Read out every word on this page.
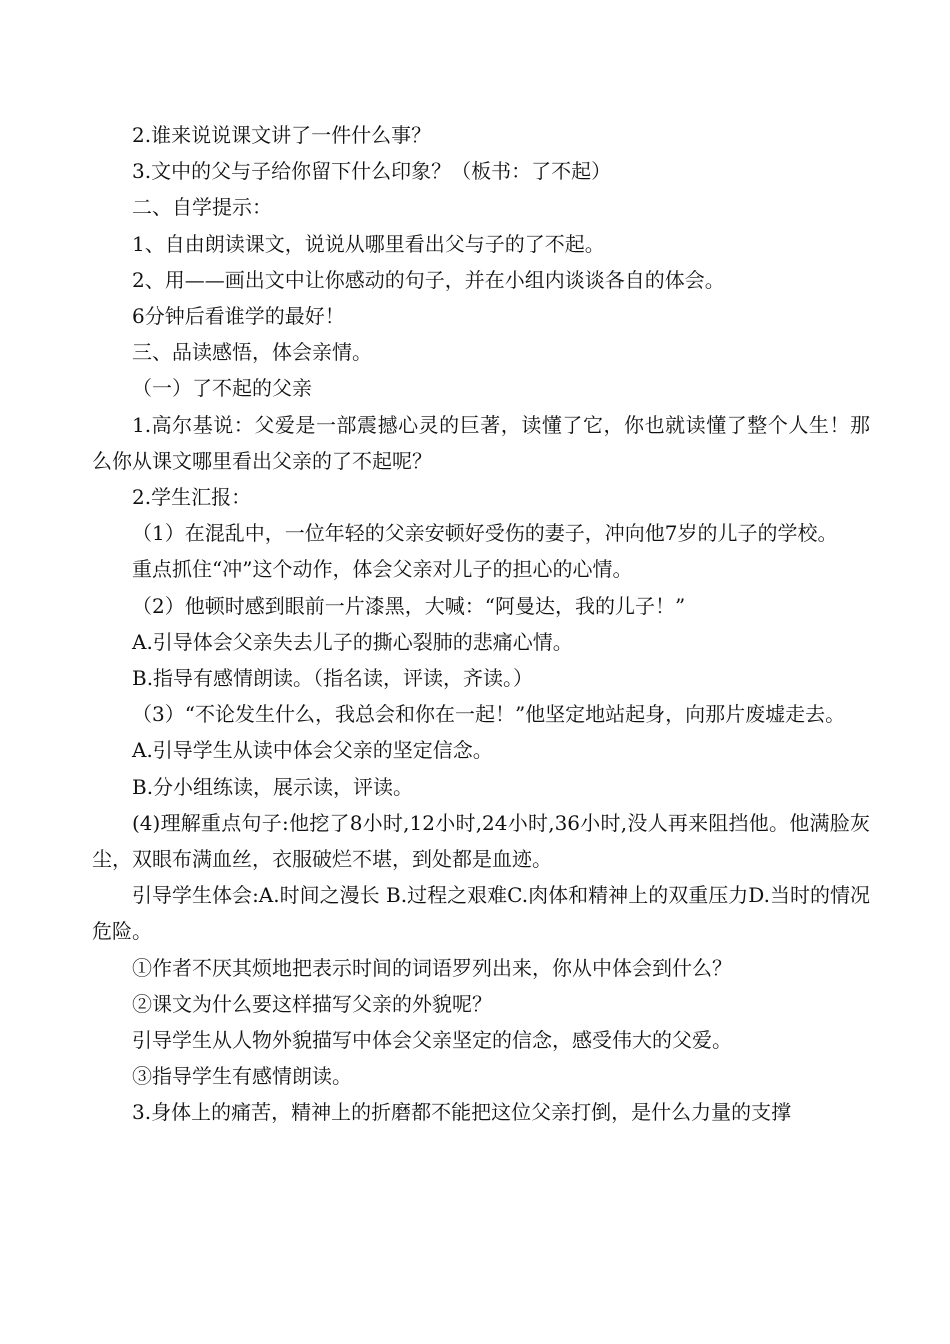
2.谁来说说课文讲了一件什么事？

3.文中的父与子给你留下什么印象？（板书：了不起）

二、自学提示：

1、自由朗读课文，说说从哪里看出父与子的了不起。

2、用——画出文中让你感动的句子，并在小组内谈谈各自的体会。

6分钟后看谁学的最好！

三、品读感悟，体会亲情。

（一）了不起的父亲

1.高尔基说：父爱是一部震撼心灵的巨著，读懂了它，你也就读懂了整个人生！那么你从课文哪里看出父亲的了不起呢？

2.学生汇报：

（1）在混乱中，一位年轻的父亲安顿好受伤的妻子，冲向他7岁的儿子的学校。

重点抓住“冲”这个动作，体会父亲对儿子的担心的心情。

（2）他顿时感到眼前一片漆黑，大喊：“阿曼达，我的儿子！”

A.引导体会父亲失去儿子的撕心裂肺的悲痛心情。

B.指导有感情朗读。（指名读，评读，齐读。）

（3）“不论发生什么，我总会和你在一起！”他坚定地站起身，向那片废墟走去。

A.引导学生从读中体会父亲的坚定信念。

B.分小组练读，展示读，评读。

(4)理解重点句子:他挖了8小时,12小时,24小时,36小时,没人再来阻挡他。他满脸灰尘，双眼布满血丝，衣服破烂不堪，到处都是血迹。

引导学生体会:A.时间之漫长 B.过程之艰难C.肉体和精神上的双重压力D.当时的情况危险。

①作者不厌其烦地把表示时间的词语罗列出来，你从中体会到什么？

②课文为什么要这样描写父亲的外貌呢？

引导学生从人物外貌描写中体会父亲坚定的信念，感受伟大的父爱。

③指导学生有感情朗读。

3.身体上的痛苦，精神上的折磨都不能把这位父亲打倒，是什么力量的支撑
